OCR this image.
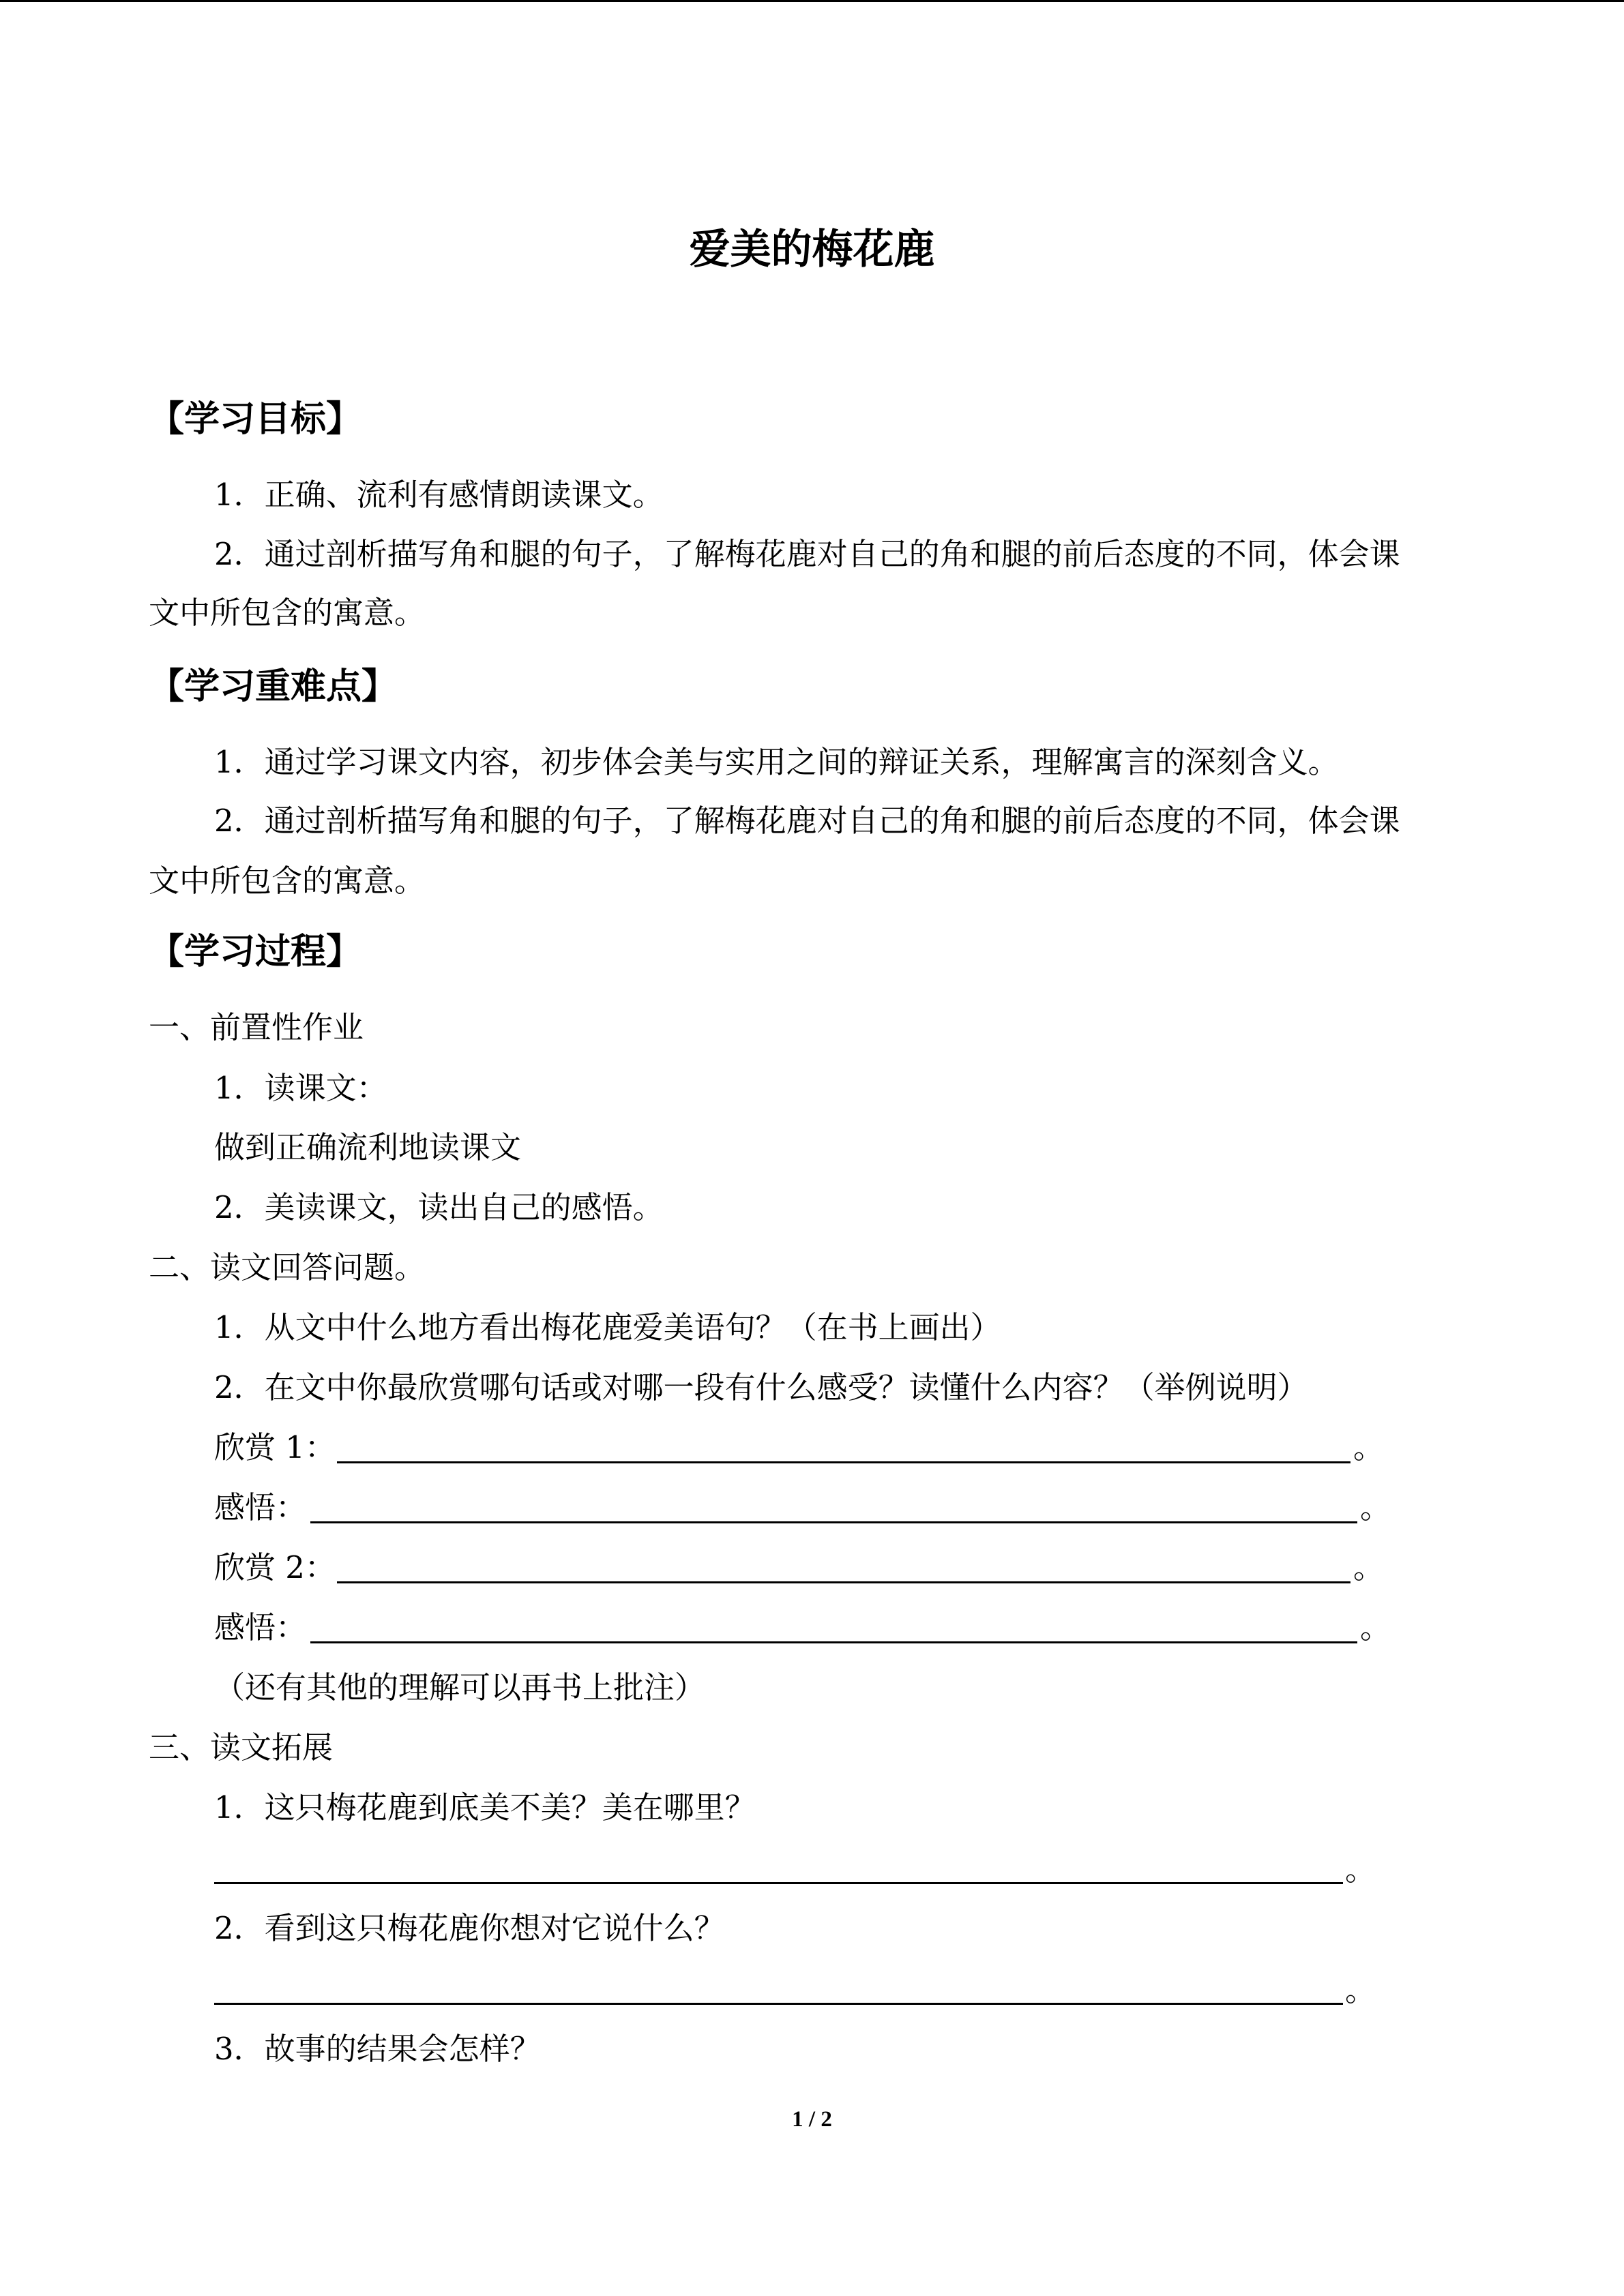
爱美的梅花鹿
【学习目标】
1．正确、流利有感情朗读课文。
2．通过剖析描写角和腿的句子，了解梅花鹿对自己的角和腿的前后态度的不同，体会课
文中所包含的寓意。
【学习重难点】
1．通过学习课文内容，初步体会美与实用之间的辩证关系，理解寓言的深刻含义。
2．通过剖析描写角和腿的句子，了解梅花鹿对自己的角和腿的前后态度的不同，体会课
文中所包含的寓意。
【学习过程】
一、前置性作业
1．读课文：
做到正确流利地读课文
2．美读课文，读出自己的感悟。
二、读文回答问题。
1．从文中什么地方看出梅花鹿爱美语句？（在书上画出）
2．在文中你最欣赏哪句话或对哪一段有什么感受？读懂什么内容？（举例说明）
欣赏 1：	。
感悟：	。
欣赏 2：	。
感悟：	。
（还有其他的理解可以再书上批注）
三、读文拓展
1．这只梅花鹿到底美不美？美在哪里？
。
2．看到这只梅花鹿你想对它说什么？
。
3．故事的结果会怎样？
1 / 2
